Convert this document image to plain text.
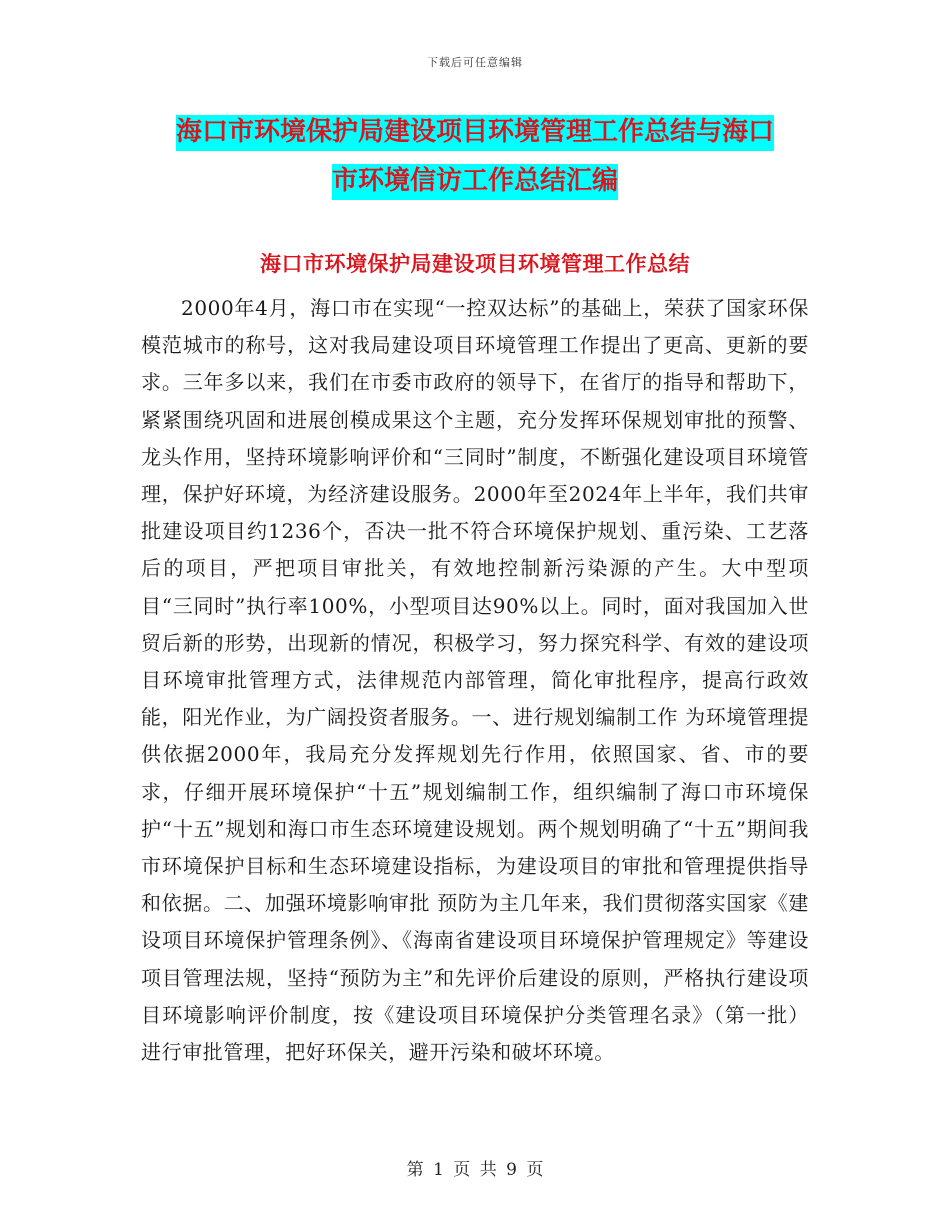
下载后可任意编辑
海口市环境保护局建设项目环境管理工作总结与海口
市环境信访工作总结汇编
海口市环境保护局建设项目环境管理工作总结

2000年4月，海口市在实现“一控双达标”的基础上，荣获了国家环保模范城市的称号，这对我局建设项目环境管理工作提出了更高、更新的要求。三年多以来，我们在市委市政府的领导下，在省厅的指导和帮助下，紧紧围绕巩固和进展创模成果这个主题，充分发挥环保规划审批的预警、龙头作用，坚持环境影响评价和“三同时”制度，不断强化建设项目环境管理，保护好环境，为经济建设服务。2000年至2024年上半年，我们共审批建设项目约1236个，否决一批不符合环境保护规划、重污染、工艺落后的项目，严把项目审批关，有效地控制新污染源的产生。大中型项目“三同时”执行率100%，小型项目达90%以上。同时，面对我国加入世贸后新的形势，出现新的情况，积极学习，努力探究科学、有效的建设项目环境审批管理方式，法律规范内部管理，简化审批程序，提高行政效能，阳光作业，为广阔投资者服务。一、进行规划编制工作 为环境管理提供依据2000年，我局充分发挥规划先行作用，依照国家、省、市的要求，仔细开展环境保护“十五”规划编制工作，组织编制了海口市环境保护“十五”规划和海口市生态环境建设规划。两个规划明确了“十五”期间我市环境保护目标和生态环境建设指标，为建设项目的审批和管理提供指导和依据。二、加强环境影响审批 预防为主几年来，我们贯彻落实国家《建设项目环境保护管理条例》、《海南省建设项目环境保护管理规定》等建设项目管理法规，坚持“预防为主”和先评价后建设的原则，严格执行建设项目环境影响评价制度，按《建设项目环境保护分类管理名录》（第一批）进行审批管理，把好环保关，避开污染和破坏环境。

第 1 页 共 9 页
